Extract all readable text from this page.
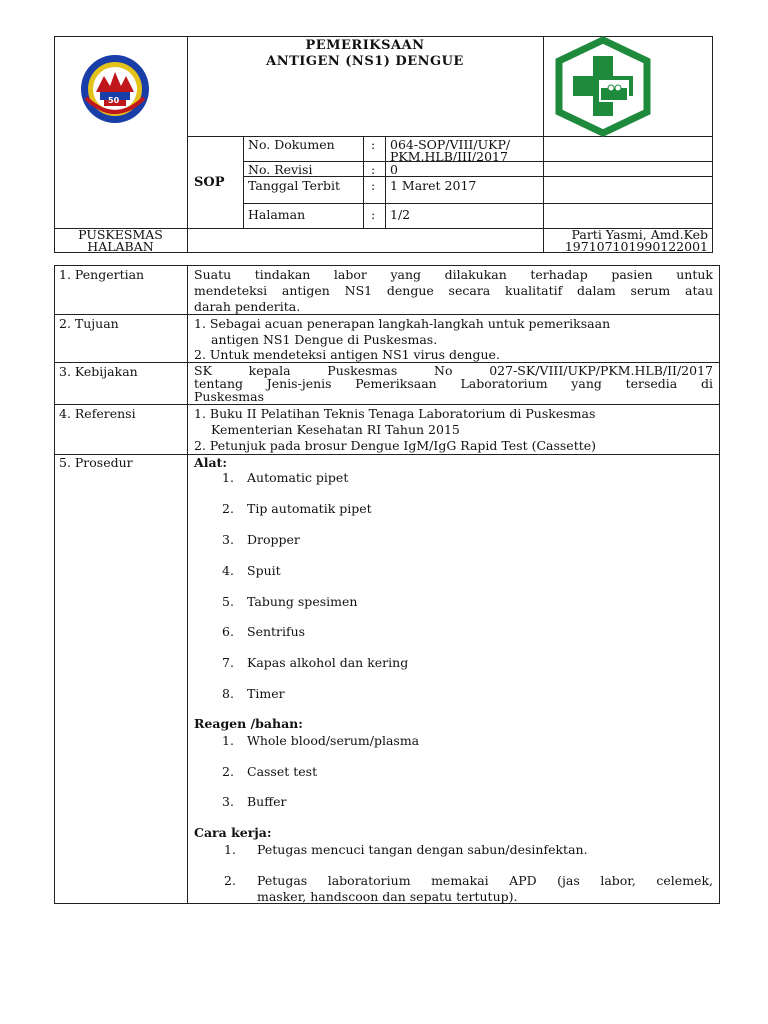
50
PEMERIKSAAN
ANTIGEN (NS1) DENGUE
SOP
No. Dokumen	: 064-SOP/VIII/UKP/
PKM.HLB/III/2017
No. Revisi	: 0
Tanggal Terbit : 1 Maret 2017
Halaman	: 1/2
PUSKESMAS
HALABAN
Parti Yasmi, Amd.Keb
197107101990122001
1. Pengertian	Suatu tindakan labor yang dilakukan terhadap pasien untuk
mendeteksi antigen NS1 dengue secara kualitatif dalam serum atau
darah penderita.
2. Tujuan	1. Sebagai acuan penerapan langkah-langkah untuk pemeriksaan
antigen NS1 Dengue di Puskesmas.
2. Untuk mendeteksi antigen NS1 virus dengue.
3. Kebijakan	SK kepala Puskesmas No 027-SK/VIII/UKP/PKM.HLB/II/2017
tentang Jenis-jenis Pemeriksaan Laboratorium yang tersedia di
Puskesmas
4. Referensi	1. Buku II Pelatihan Teknis Tenaga Laboratorium di Puskesmas
Kementerian Kesehatan RI Tahun 2015
2. Petunjuk pada brosur Dengue IgM/IgG Rapid Test (Cassette)
5. Prosedur	Alat:
1. Automatic pipet
2. Tip automatik pipet
3. Dropper
4. Spuit
5. Tabung spesimen
6. Sentrifus
7. Kapas alkohol dan kering
8. Timer
Reagen /bahan:
1. Whole blood/serum/plasma
2. Casset test
3. Buffer
Cara kerja:
1. Petugas mencuci tangan dengan sabun/desinfektan.
2. Petugas laboratorium memakai APD (jas labor, celemek,
masker, handscoon dan sepatu tertutup).
